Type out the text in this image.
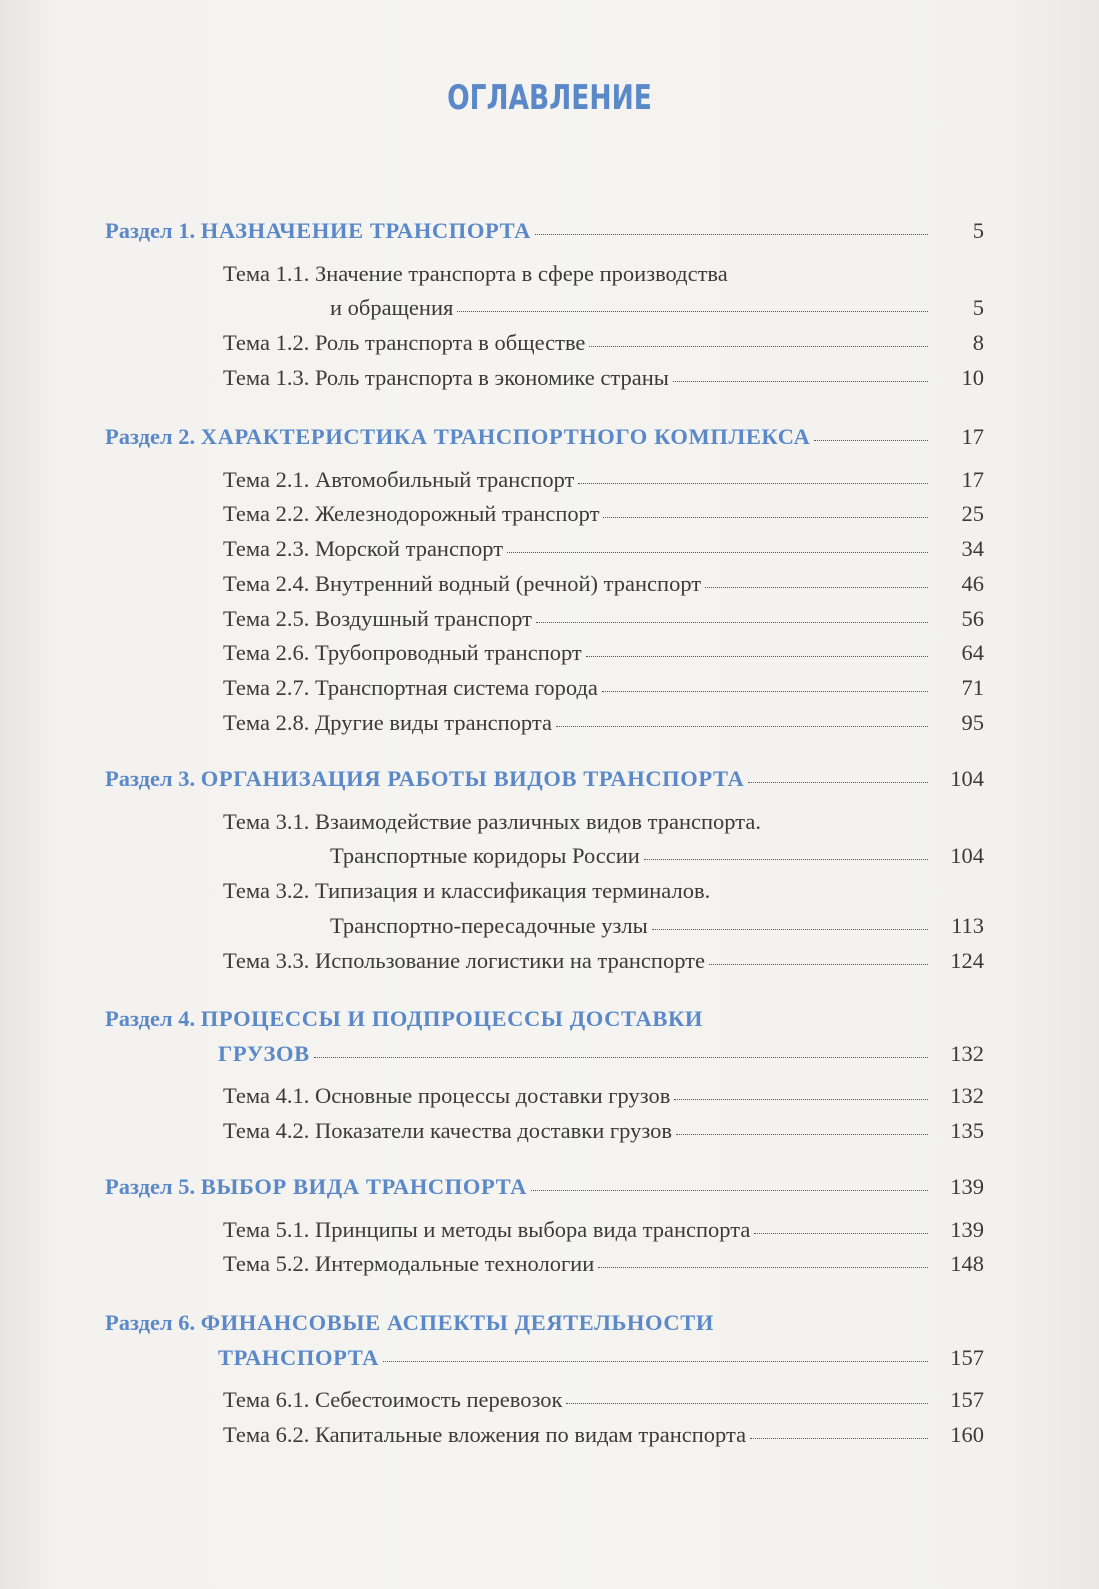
ОГЛАВЛЕНИЕ
Раздел 1. НАЗНАЧЕНИЕ ТРАНСПОРТА	5
Тема 1.1. Значение транспорта в сфере производства
и обращения	5
Тема 1.2. Роль транспорта в обществе	8
Тема 1.3. Роль транспорта в экономике страны	10
Раздел 2. ХАРАКТЕРИСТИКА ТРАНСПОРТНОГО КОМПЛЕКСА	17
Тема 2.1. Автомобильный транспорт	17
Тема 2.2. Железнодорожный транспорт	25
Тема 2.3. Морской транспорт	34
Тема 2.4. Внутренний водный (речной) транспорт	46
Тема 2.5. Воздушный транспорт	56
Тема 2.6. Трубопроводный транспорт	64
Тема 2.7. Транспортная система города	71
Тема 2.8. Другие виды транспорта	95
Раздел 3. ОРГАНИЗАЦИЯ РАБОТЫ ВИДОВ ТРАНСПОРТА	104
Тема 3.1. Взаимодействие различных видов транспорта.
Транспортные коридоры России	104
Тема 3.2. Типизация и классификация терминалов.
Транспортно-пересадочные узлы	113
Тема 3.3. Использование логистики на транспорте	124
Раздел 4. ПРОЦЕССЫ И ПОДПРОЦЕССЫ ДОСТАВКИ
ГРУЗОВ	132
Тема 4.1. Основные процессы доставки грузов	132
Тема 4.2. Показатели качества доставки грузов	135
Раздел 5. ВЫБОР ВИДА ТРАНСПОРТА	139
Тема 5.1. Принципы и методы выбора вида транспорта	139
Тема 5.2. Интермодальные технологии	148
Раздел 6. ФИНАНСОВЫЕ АСПЕКТЫ ДЕЯТЕЛЬНОСТИ
ТРАНСПОРТА	157
Тема 6.1. Себестоимость перевозок	157
Тема 6.2. Капитальные вложения по видам транспорта	160
